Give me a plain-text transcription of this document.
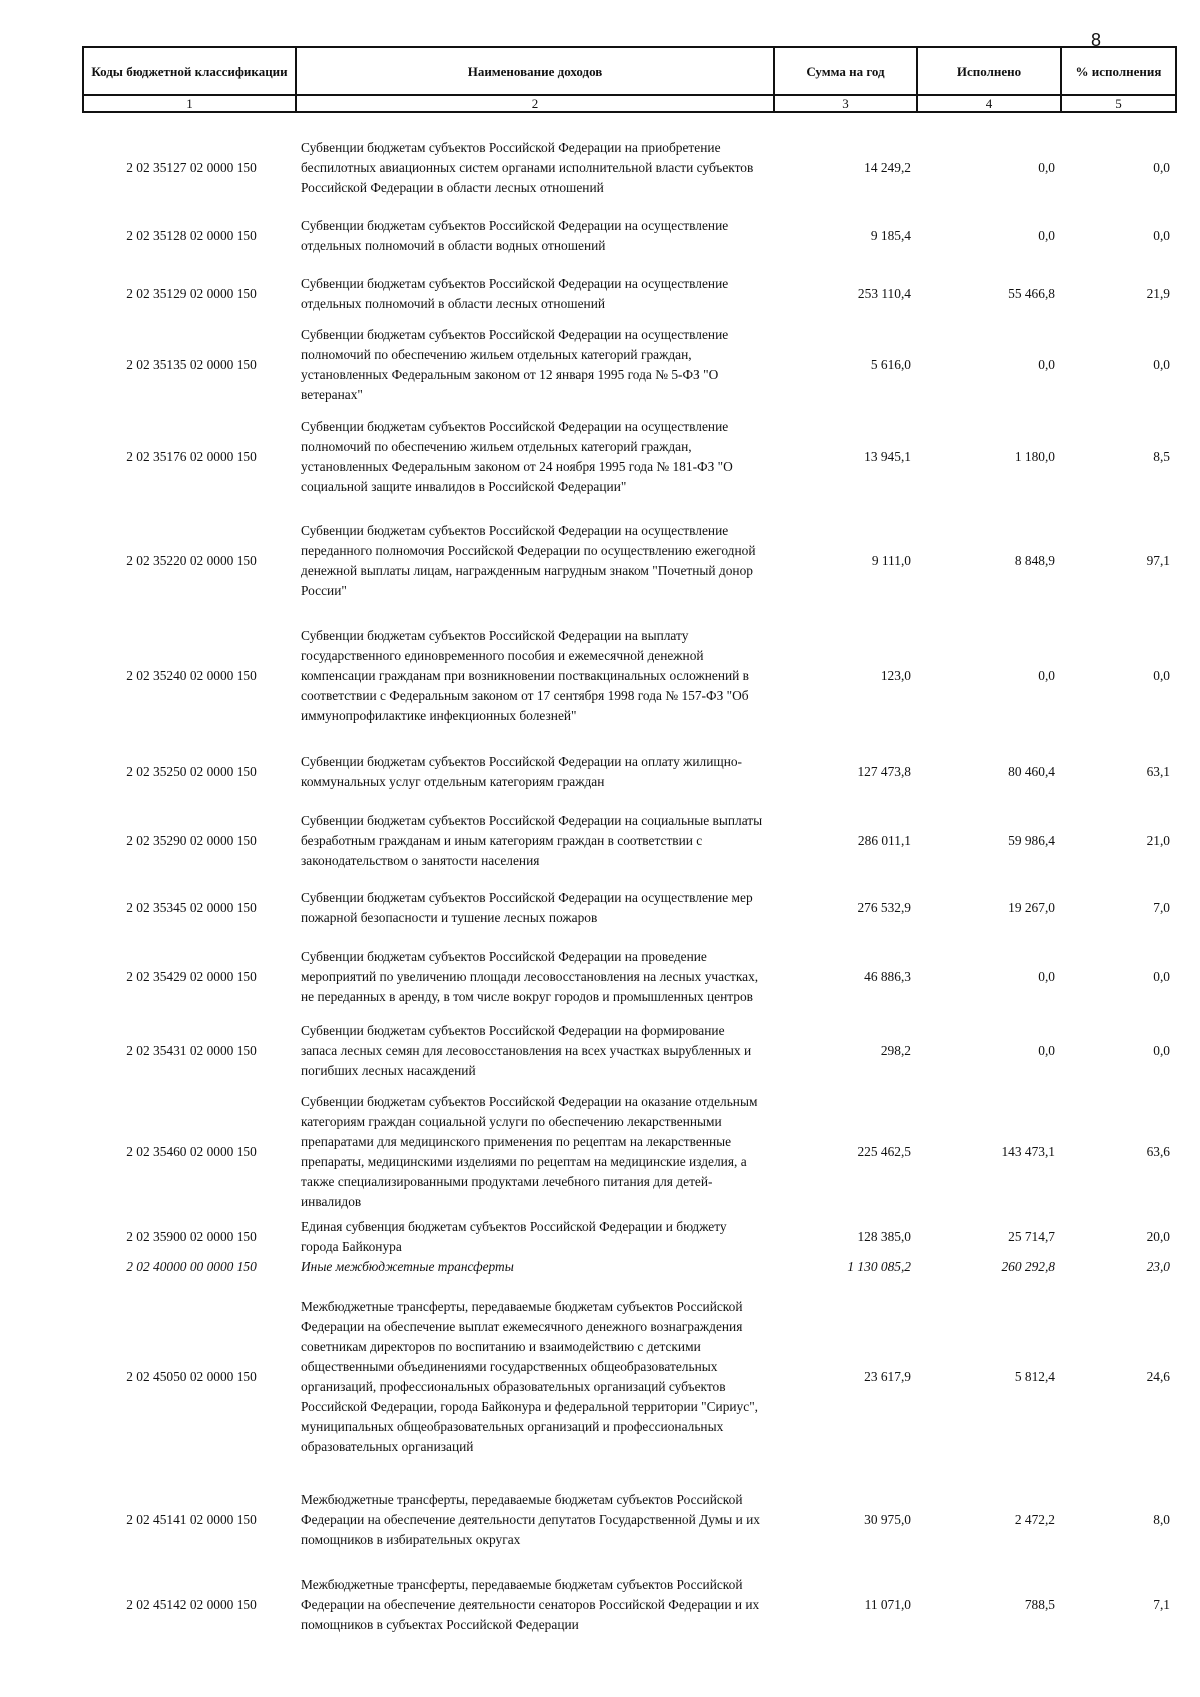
8
Коды бюджетной классификации	Наименование доходов	Сумма на год	Исполнено	% исполнения
1	2	3	4	5

2 02 35127 02 0000 150	Субвенции бюджетам субъектов Российской Федерации на приобретение беспилотных авиационных систем органами исполнительной власти субъектов Российской Федерации в области лесных отношений	14 249,2	0,0	0,0
2 02 35128 02 0000 150	Субвенции бюджетам субъектов Российской Федерации на осуществление отдельных полномочий в области водных отношений	9 185,4	0,0	0,0
2 02 35129 02 0000 150	Субвенции бюджетам субъектов Российской Федерации на осуществление отдельных полномочий в области лесных отношений	253 110,4	55 466,8	21,9
2 02 35135 02 0000 150	Субвенции бюджетам субъектов Российской Федерации на осуществление полномочий по обеспечению жильем отдельных категорий граждан, установленных Федеральным законом от 12 января 1995 года № 5-ФЗ "О ветеранах"	5 616,0	0,0	0,0
2 02 35176 02 0000 150	Субвенции бюджетам субъектов Российской Федерации на осуществление полномочий по обеспечению жильем отдельных категорий граждан, установленных Федеральным законом от 24 ноября 1995 года № 181-ФЗ "О социальной защите инвалидов в Российской Федерации"	13 945,1	1 180,0	8,5
2 02 35220 02 0000 150	Субвенции бюджетам субъектов Российской Федерации на осуществление переданного полномочия Российской Федерации по осуществлению ежегодной денежной выплаты лицам, награжденным нагрудным знаком "Почетный донор России"	9 111,0	8 848,9	97,1
2 02 35240 02 0000 150	Субвенции бюджетам субъектов Российской Федерации на выплату государственного единовременного пособия и ежемесячной денежной компенсации гражданам при возникновении поствакцинальных осложнений в соответствии с Федеральным законом от 17 сентября 1998 года № 157-ФЗ "Об иммунопрофилактике инфекционных болезней"	123,0	0,0	0,0
2 02 35250 02 0000 150	Субвенции бюджетам субъектов Российской Федерации на оплату жилищно-коммунальных услуг отдельным категориям граждан	127 473,8	80 460,4	63,1
2 02 35290 02 0000 150	Субвенции бюджетам субъектов Российской Федерации на социальные выплаты безработным гражданам и иным категориям граждан в соответствии с законодательством о занятости населения	286 011,1	59 986,4	21,0
2 02 35345 02 0000 150	Субвенции бюджетам субъектов Российской Федерации на осуществление мер пожарной безопасности и тушение лесных пожаров	276 532,9	19 267,0	7,0
2 02 35429 02 0000 150	Субвенции бюджетам субъектов Российской Федерации на проведение мероприятий по увеличению площади лесовосстановления на лесных участках, не переданных в аренду, в том числе вокруг городов и промышленных центров	46 886,3	0,0	0,0
2 02 35431 02 0000 150	Субвенции бюджетам субъектов Российской Федерации на формирование запаса лесных семян для лесовосстановления на всех участках вырубленных и погибших лесных насаждений	298,2	0,0	0,0
2 02 35460 02 0000 150	Субвенции бюджетам субъектов Российской Федерации на оказание отдельным категориям граждан социальной услуги по обеспечению лекарственными препаратами для медицинского применения по рецептам на лекарственные препараты, медицинскими изделиями по рецептам на медицинские изделия, а также специализированными продуктами лечебного питания для детей-инвалидов	225 462,5	143 473,1	63,6
2 02 35900 02 0000 150	Единая субвенция бюджетам субъектов Российской Федерации и бюджету города Байконура	128 385,0	25 714,7	20,0
2 02 40000 00 0000 150	Иные межбюджетные трансферты	1 130 085,2	260 292,8	23,0
2 02 45050 02 0000 150	Межбюджетные трансферты, передаваемые бюджетам субъектов Российской Федерации на обеспечение выплат ежемесячного денежного вознаграждения советникам директоров по воспитанию и взаимодействию с детскими общественными объединениями государственных общеобразовательных организаций, профессиональных образовательных организаций субъектов Российской Федерации, города Байконура и федеральной территории "Сириус", муниципальных общеобразовательных организаций и профессиональных образовательных организаций	23 617,9	5 812,4	24,6
2 02 45141 02 0000 150	Межбюджетные трансферты, передаваемые бюджетам субъектов Российской Федерации на обеспечение деятельности депутатов Государственной Думы и их помощников в избирательных округах	30 975,0	2 472,2	8,0
2 02 45142 02 0000 150	Межбюджетные трансферты, передаваемые бюджетам субъектов Российской Федерации на обеспечение деятельности сенаторов Российской Федерации и их помощников в субъектах Российской Федерации	11 071,0	788,5	7,1
